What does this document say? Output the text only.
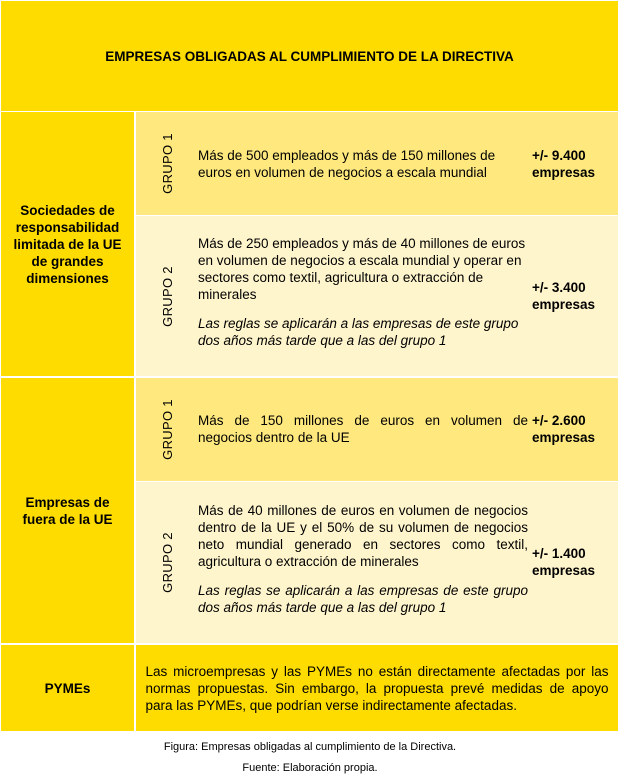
EMPRESAS OBLIGADAS AL CUMPLIMIENTO DE LA DIRECTIVA
Sociedades de responsabilidad limitada de la UE de grandes dimensiones
GRUPO 1 Más de 500 empleados y más de 150 millones de euros en volumen de negocios a escala mundial
+/- 9.400 empresas
GRUPO 2
Más de 250 empleados y más de 40 millones de euros en volumen de negocios a escala mundial y operar en sectores como textil, agricultura o extracción de minerales
Las reglas se aplicarán a las empresas de este grupo dos años más tarde que a las del grupo 1
+/- 3.400 empresas
Empresas de fuera de la UE
GRUPO 1 Más de 150 millones de euros en volumen de negocios dentro de la UE
+/- 2.600 empresas
GRUPO 2
Más de 40 millones de euros en volumen de negocios dentro de la UE y el 50% de su volumen de negocios neto mundial generado en sectores como textil, agricultura o extracción de minerales
Las reglas se aplicarán a las empresas de este grupo dos años más tarde que a las del grupo 1
+/- 1.400 empresas
PYMEs
Las microempresas y las PYMEs no están directamente afectadas por las normas propuestas. Sin embargo, la propuesta prevé medidas de apoyo para las PYMEs, que podrían verse indirectamente afectadas.
Figura: Empresas obligadas al cumplimiento de la Directiva.
Fuente: Elaboración propia.
